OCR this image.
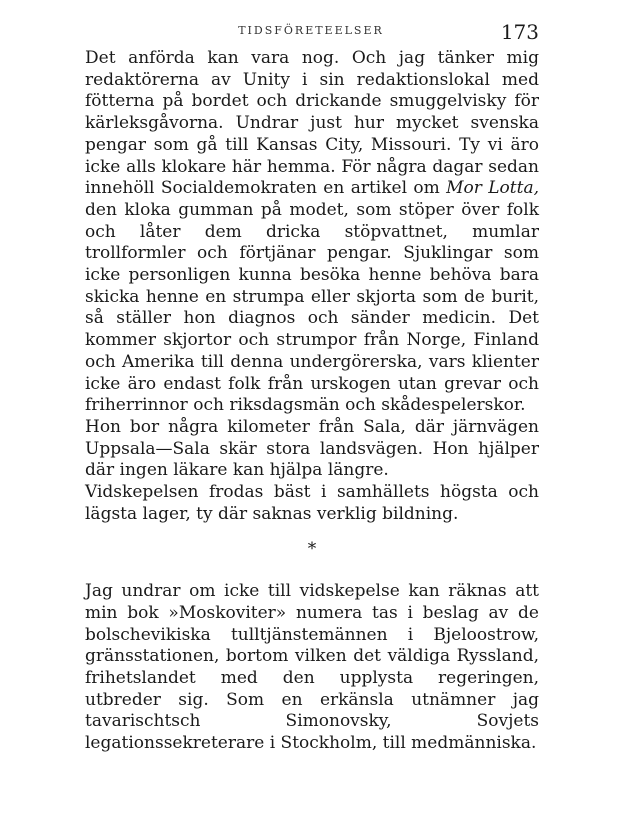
TIDSFÖRETEELSER	173

Det anförda kan vara nog. Och jag tänker mig redaktörerna av Unity i sin redaktionslokal med fötterna på bordet och drickande smuggelvisky för kärleksgåvorna. Undrar just hur mycket svenska pengar som gå till Kansas City, Missouri. Ty vi äro icke alls klokare här hemma. För några dagar sedan innehöll Socialdemokraten en artikel om Mor Lotta, den kloka gumman på modet, som stöper över folk och låter dem dricka stöpvattnet, mumlar trollformler och förtjänar pengar. Sjuklingar som icke personligen kunna besöka henne behöva bara skicka henne en strumpa eller skjorta som de burit, så ställer hon diagnos och sänder medicin. Det kommer skjortor och strumpor från Norge, Finland och Amerika till denna undergörerska, vars klienter icke äro endast folk från urskogen utan grevar och friherrinnor och riksdagsmän och skådespelerskor.

Hon bor några kilometer från Sala, där järnvägen Uppsala—Sala skär stora landsvägen. Hon hjälper där ingen läkare kan hjälpa längre.

Vidskepelsen frodas bäst i samhällets högsta och lägsta lager, ty där saknas verklig bildning.

*

Jag undrar om icke till vidskepelse kan räknas att min bok »Moskoviter» numera tas i beslag av de bolschevikiska tulltjänstemännen i Bjeloostrow, gränsstationen, bortom vilken det väldiga Ryssland, frihetslandet med den upplysta regeringen, utbreder sig. Som en erkänsla utnämner jag tavarischtsch Simonovsky, Sovjets legationssekreterare i Stockholm, till medmänniska.
